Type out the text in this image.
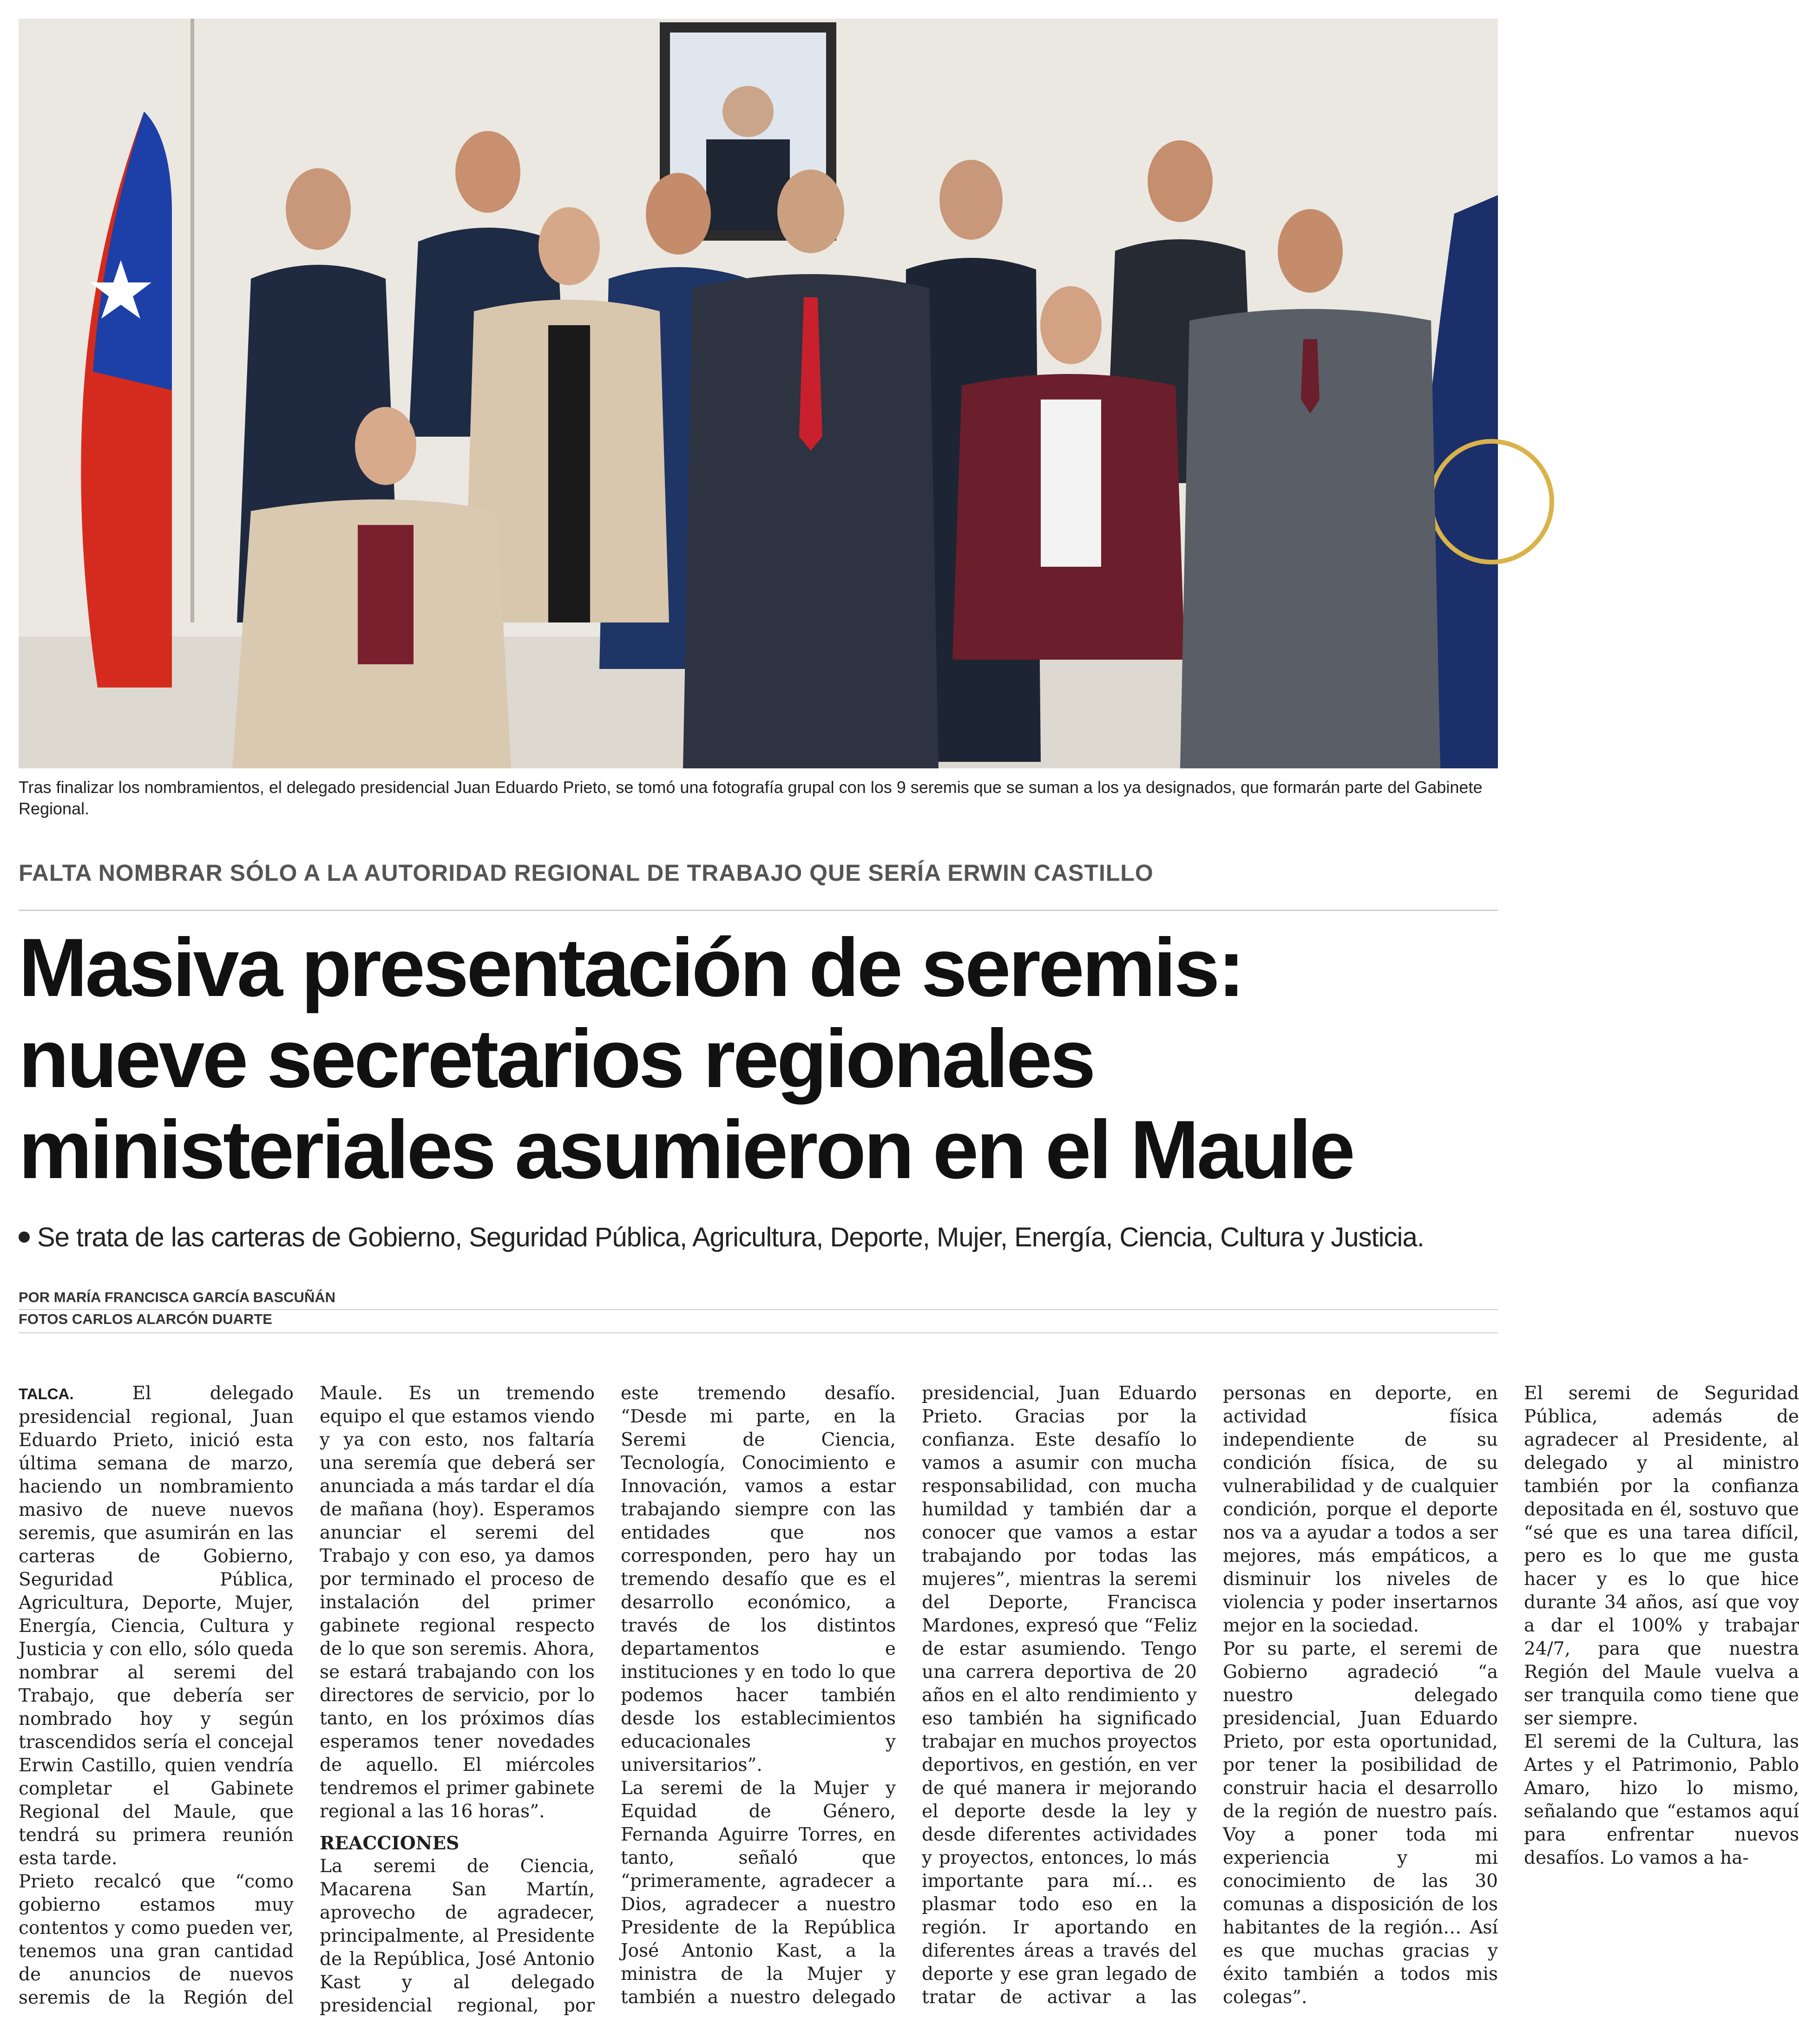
Tras finalizar los nombramientos, el delegado presidencial Juan Eduardo Prieto, se tomó una fotografía grupal con los 9 seremis que se suman a los ya designados, que formarán parte del Gabinete Regional.
FALTA NOMBRAR SÓLO A LA AUTORIDAD REGIONAL DE TRABAJO QUE SERÍA ERWIN CASTILLO
Masiva presentación de seremis:
nueve secretarios regionales
ministeriales asumieron en el Maule
Se trata de las carteras de Gobierno, Seguridad Pública, Agricultura, Deporte, Mujer, Energía, Ciencia, Cultura y Justicia.
POR MARÍA FRANCISCA GARCÍA BASCUÑÁN
FOTOS CARLOS ALARCÓN DUARTE

TALCA.	El delegado presidencial regional, Juan Eduardo Prieto, inició esta última semana de marzo, haciendo un nombramiento masivo de nueve nuevos seremis, que asumirán en las carteras de Gobierno, Seguridad Pública, Agricultura, Deporte, Mujer, Energía, Ciencia, Cultura y Justicia y con ello, sólo queda nombrar al seremi del Trabajo, que debería ser nombrado hoy y según trascendidos sería el concejal Erwin Castillo, quien vendría completar el Gabinete Regional del Maule, que tendrá su primera reunión esta tarde.

Prieto recalcó que “como gobierno estamos muy contentos y como pueden ver, tenemos una gran cantidad de anuncios de nuevos seremis de la Región del Maule. Es un tremendo equipo el que estamos viendo y ya con esto, nos faltaría una seremía que deberá ser anunciada a más tardar el día de mañana (hoy). Esperamos anunciar el seremi del Trabajo y con eso, ya damos por terminado el proceso de instalación del primer gabinete regional respecto de lo que son seremis. Ahora, se estará trabajando con los directores de servicio, por lo tanto, en los próximos días esperamos tener novedades de aquello. El miércoles tendremos el primer gabinete regional a las 16 horas”.

REACCIONES

La seremi de Ciencia, Macarena San Martín, aprovecho de agradecer, principalmente, al Presidente de la República, José Antonio Kast y al delegado presidencial regional, por este tremendo desafío. “Desde mi parte, en la Seremi de Ciencia, Tecnología, Conocimiento e Innovación, vamos a estar trabajando siempre con las entidades que nos corresponden, pero hay un tremendo desafío que es el desarrollo económico, a través de los distintos departamentos e instituciones y en todo lo que podemos hacer también desde los establecimientos educacionales y universitarios”.

La seremi de la Mujer y Equidad de Género, Fernanda Aguirre Torres, en tanto, señaló que “primeramente, agradecer a Dios, agradecer a nuestro Presidente de la República José Antonio Kast, a la ministra de la Mujer y también a nuestro delegado presidencial, Juan Eduardo Prieto. Gracias por la confianza. Este desafío lo vamos a asumir con mucha responsabilidad, con mucha humildad y también dar a conocer que vamos a estar trabajando por todas las mujeres”, mientras la seremi del Deporte, Francisca Mardones, expresó que “Feliz de estar asumiendo. Tengo una carrera deportiva de 20 años en el alto rendimiento y eso también ha significado trabajar en muchos proyectos deportivos, en gestión, en ver de qué manera ir mejorando el deporte desde la ley y desde diferentes actividades y proyectos, entonces, lo más importante para mí… es plasmar todo eso en la región. Ir aportando en diferentes áreas a través del deporte y ese gran legado de tratar de activar a las personas en deporte, en actividad física independiente de su condición física, de su vulnerabilidad y de cualquier condición, porque el deporte nos va a ayudar a todos a ser mejores, más empáticos, a disminuir los niveles de violencia y poder insertarnos mejor en la sociedad.

Por su parte, el seremi de Gobierno agradeció “a nuestro delegado presidencial, Juan Eduardo Prieto, por esta oportunidad, por tener la posibilidad de construir hacia el desarrollo de la región de nuestro país. Voy a poner toda mi experiencia y mi conocimiento de las 30 comunas a disposición de los habitantes de la región… Así es que muchas gracias y éxito también a todos mis colegas”.

El seremi de Seguridad Pública, además de agradecer al Presidente, al delegado y al ministro también por la confianza depositada en él, sostuvo que “sé que es una tarea difícil, pero es lo que me gusta hacer y es lo que hice durante 34 años, así que voy a dar el 100% y trabajar 24/7, para que nuestra Región del Maule vuelva a ser tranquila como tiene que ser siempre.

El seremi de la Cultura, las Artes y el Patrimonio, Pablo Amaro, hizo lo mismo, señalando que “estamos aquí para enfrentar nuevos desafíos. Lo vamos a ha-
